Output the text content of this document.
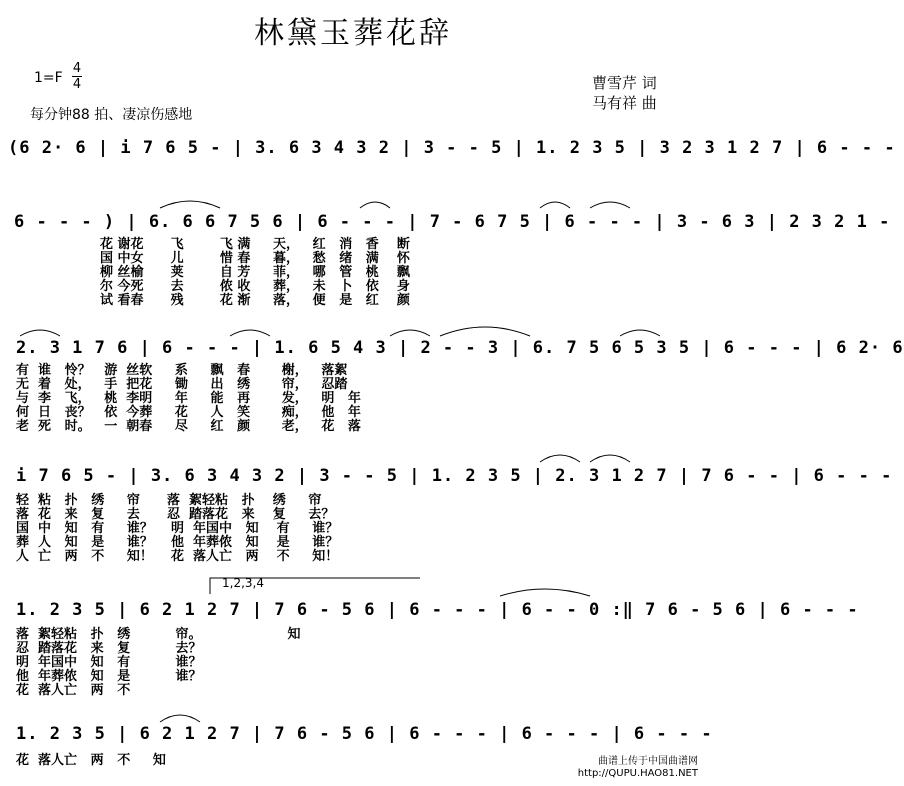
林黛玉葬花辞
1=F
4
4
每分钟88 拍、凄凉伤感地
曹雪芹 词
马有祥 曲
(6 2· 6 | i 7 6 5 - | 3. 6 3 4 3 2 | 3 - - 5 | 1. 2 3 5 | 3 2 3 1 2 7 | 6 - - -
6 - - - ) | 6. 6 6 7 5 6 | 6 - - - | 7 - 6 7 5 | 6 - - - | 3 - 6 3 | 2 3 2 1 -
花 谢花      飞        飞 满     天，   红   消   香    断
国 中女      儿        惜 春     暮，   愁   绪   满    怀
柳 丝榆      荚        自 芳     菲，   哪   管   桃    飘
尔 今死      去        侬 收     葬，   未   卜   依    身
试 看春      残        花 渐     落，   便   是   红    颜
2. 3 1 7 6 | 6 - - - | 1. 6 5 4 3 | 2 - - 3 | 6. 7 5 6 5 3 5 | 6 - - - | 6 2· 6
有  谁   怜？   游  丝软     系     飘   春       榭，   落絮
无  着   处，   手  把花     锄     出   绣       帘，   忍踏
与  李   飞，   桃  李明     年     能   再       发，   明   年
何  日   丧？   依  今葬     花     人   笑       痴，   他   年
老  死   时。   一  朝春     尽     红   颜       老，   花   落
i 7 6 5 - | 3. 6 3 4 3 2 | 3 - - 5 | 1. 2 3 5 | 2. 3 1 2 7 | 7 6 - - | 6 - - -
轻  粘   扑   绣     帘      落  絮轻粘   扑    绣     帘
落  花   来   复     去      忍  踏落花   来    复     去？
国  中   知   有     谁？    明  年国中   知    有     谁？
葬  人   知   是     谁？    他  年葬侬   知    是     谁？
人  亡   两   不     知！    花  落人亡   两    不     知！
1,2,3,4
1. 2 3 5 | 6 2 1 2 7 | 7 6 - 5 6 | 6 - - - | 6 - - 0 :‖ 7 6 - 5 6 | 6 - - -
落  絮轻粘   扑   绣          帘。                   知
忍  踏落花   来   复          去？
明  年国中   知   有          谁？
他  年葬侬   知   是          谁？
花  落人亡   两   不
1. 2 3 5 | 6 2 1 2 7 | 7 6 - 5 6 | 6 - - - | 6 - - - | 6 - - -
花  落人亡   两   不     知	曲谱上传于中国曲谱网
http://QUPU.HAO81.NET
